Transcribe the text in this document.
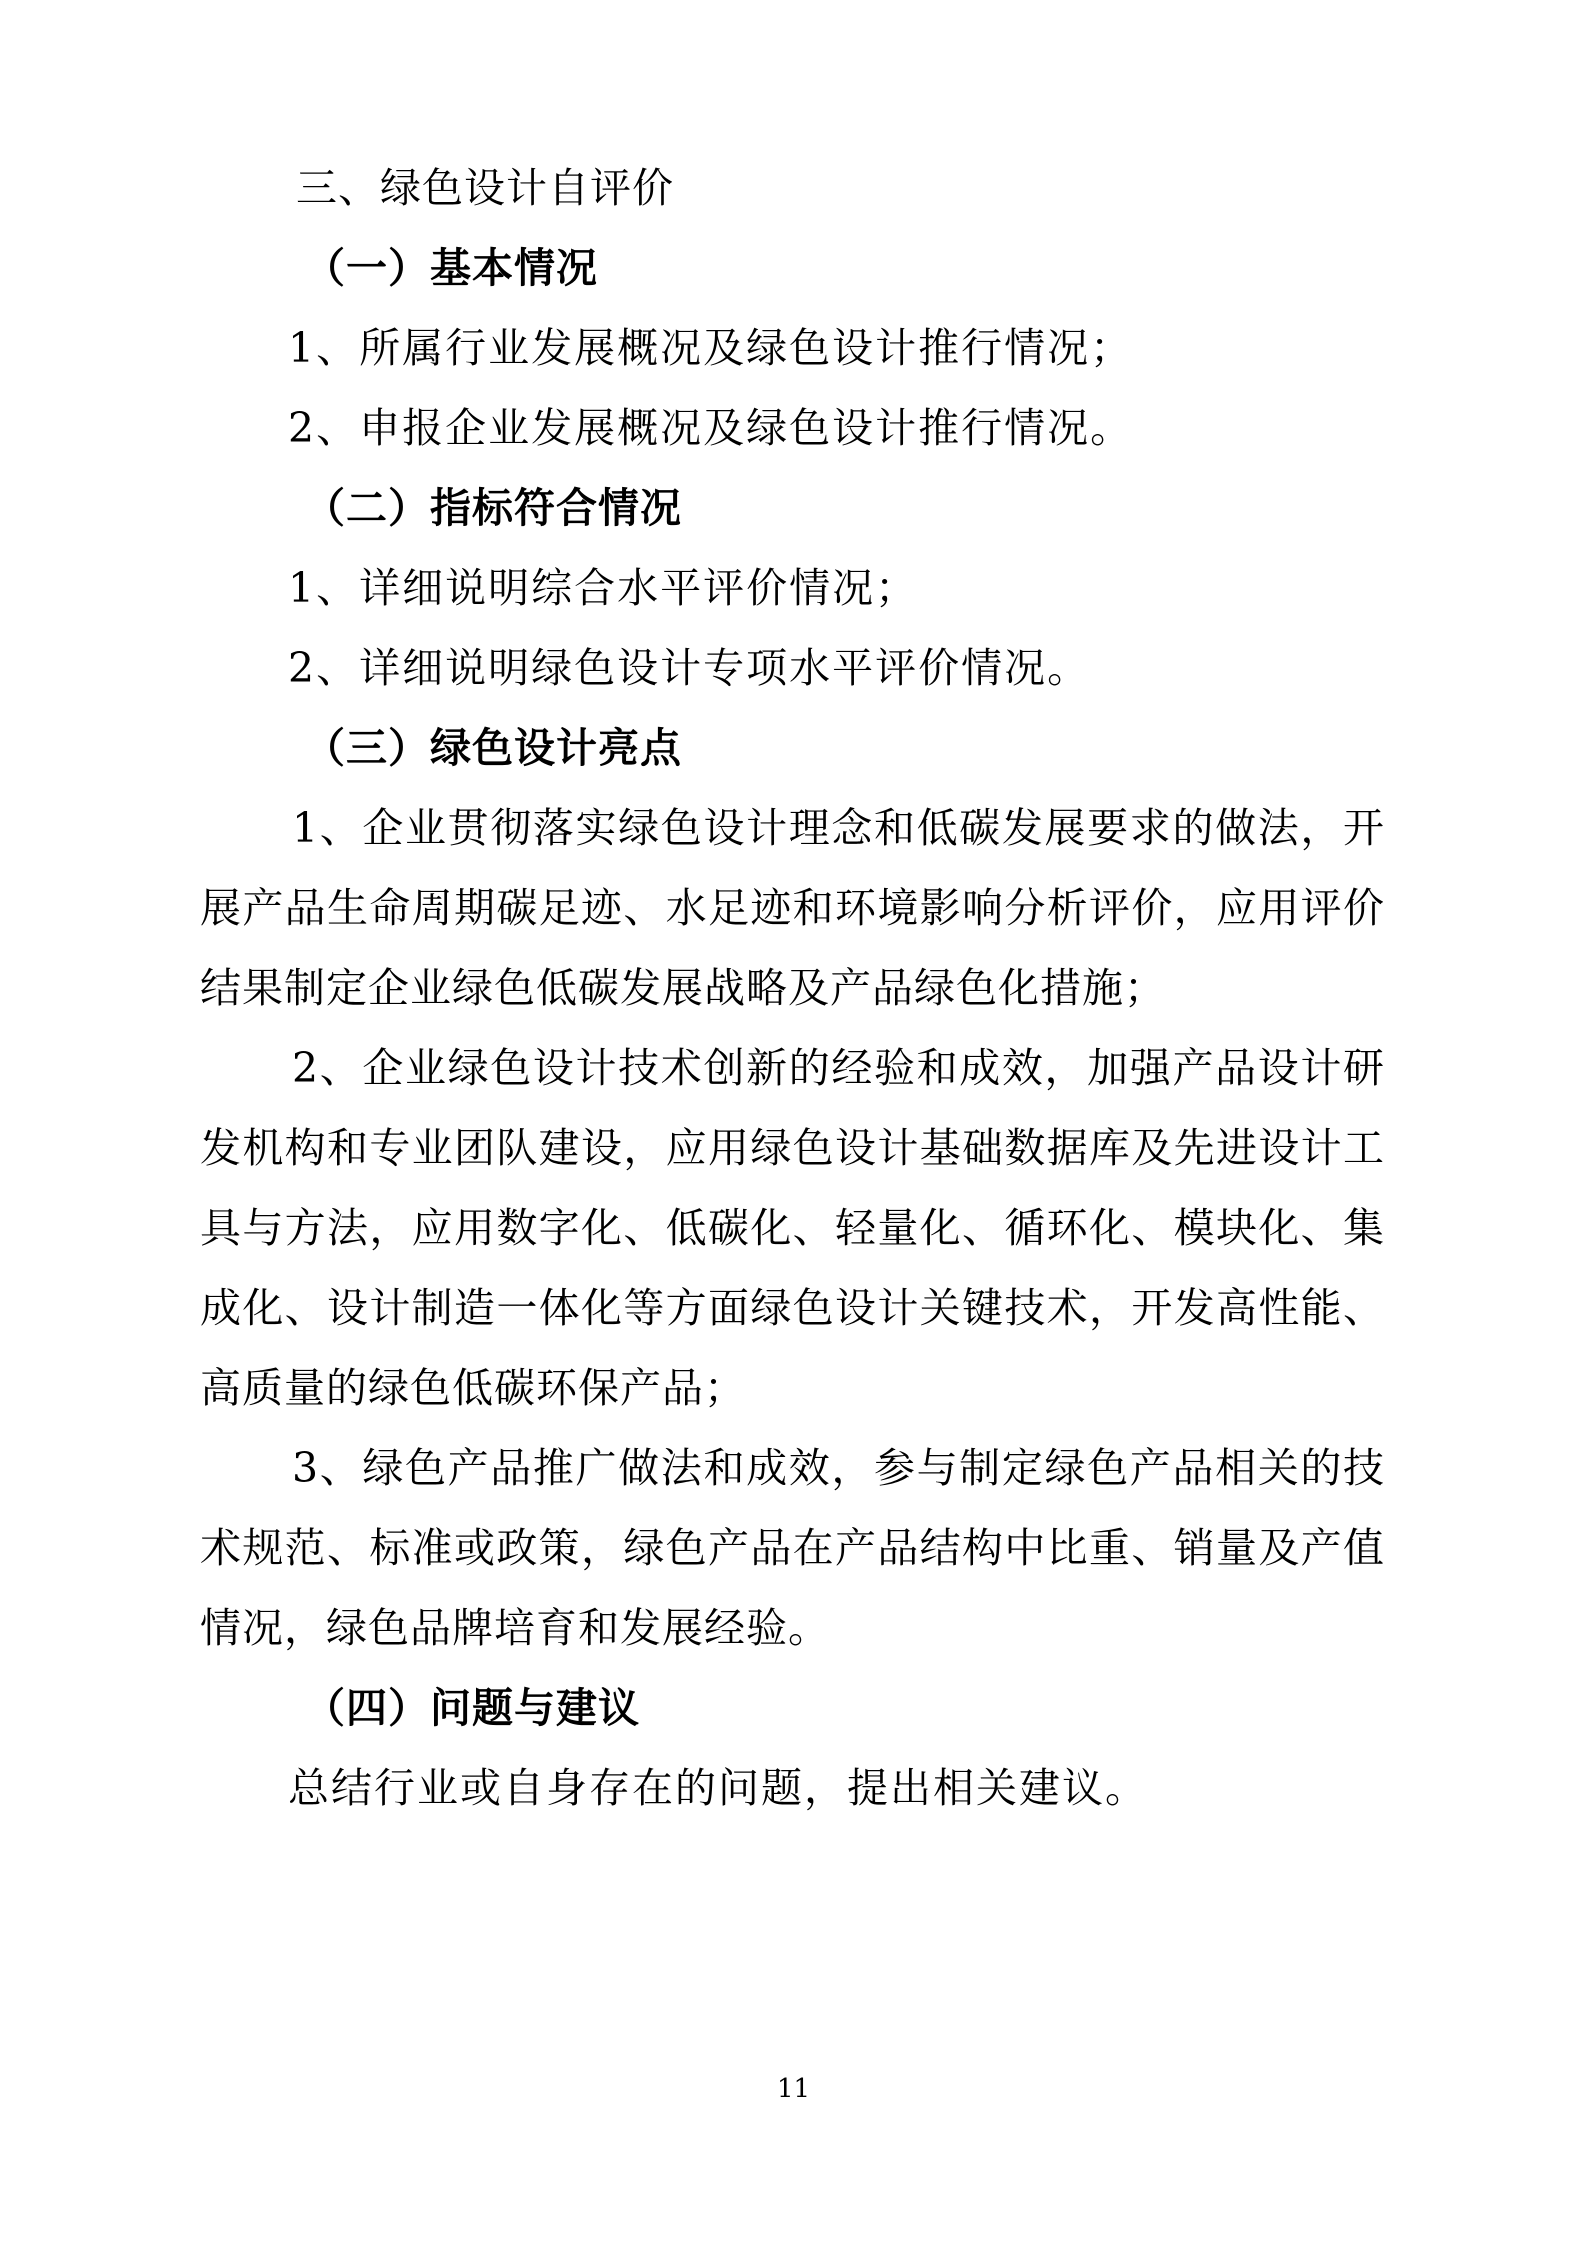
三、绿色设计自评价

（一）基本情况

1、所属行业发展概况及绿色设计推行情况；

2、申报企业发展概况及绿色设计推行情况。

（二）指标符合情况

1、详细说明综合水平评价情况；

2、详细说明绿色设计专项水平评价情况。

（三）绿色设计亮点

1、企业贯彻落实绿色设计理念和低碳发展要求的做法，开展产品生命周期碳足迹、水足迹和环境影响分析评价，应用评价结果制定企业绿色低碳发展战略及产品绿色化措施；

2、企业绿色设计技术创新的经验和成效，加强产品设计研发机构和专业团队建设，应用绿色设计基础数据库及先进设计工具与方法，应用数字化、低碳化、轻量化、循环化、模块化、集成化、设计制造一体化等方面绿色设计关键技术，开发高性能、高质量的绿色低碳环保产品；

3、绿色产品推广做法和成效，参与制定绿色产品相关的技术规范、标准或政策，绿色产品在产品结构中比重、销量及产值情况，绿色品牌培育和发展经验。

（四）问题与建议

总结行业或自身存在的问题，提出相关建议。

11
